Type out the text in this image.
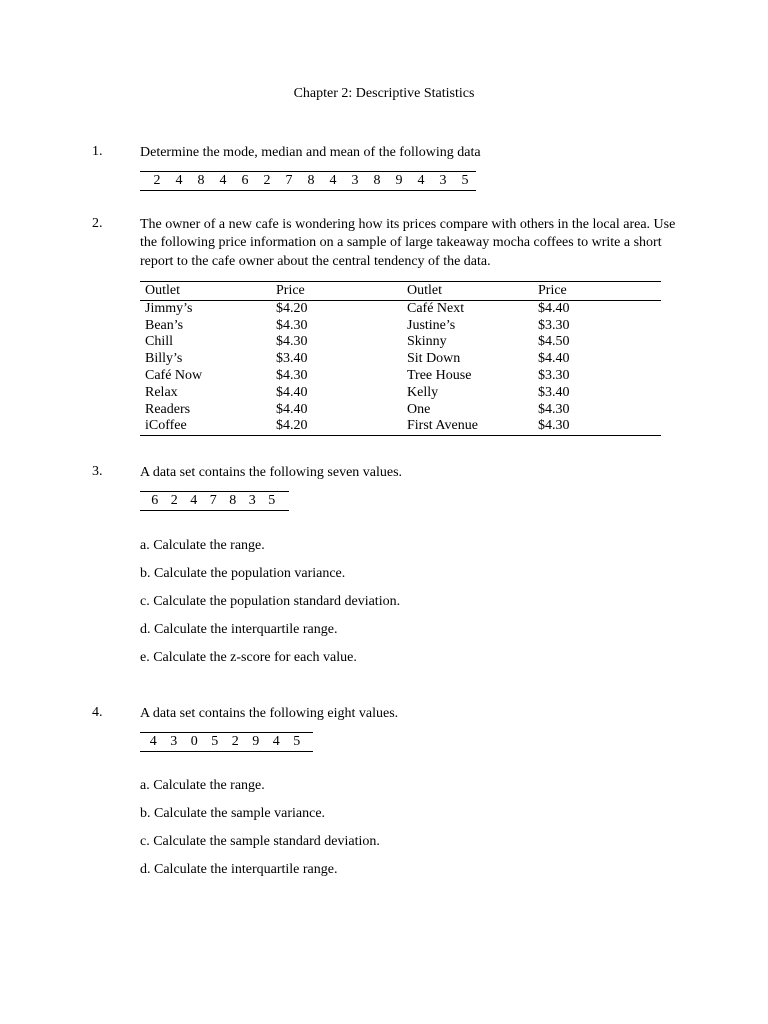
Chapter 2: Descriptive Statistics
1.	Determine the mode, median and mean of the following data
2	4	8	4	6	2	7	8	4	3	8	9	4	3	5
2.	The owner of a new cafe is wondering how its prices compare with others in the local area. Use the following price information on a sample of large takeaway mocha coffees to write a short report to the cafe owner about the central tendency of the data.
Outlet	Price	Outlet	Price
Jimmy’s	$4.20	Café Next	$4.40
Bean’s	$4.30	Justine’s	$3.30
Chill	$4.30	Skinny	$4.50
Billy’s	$3.40	Sit Down	$4.40
Café Now	$4.30	Tree House	$3.30
Relax	$4.40	Kelly	$3.40
Readers	$4.40	One	$4.30
iCoffee	$4.20	First Avenue	$4.30
3.	A data set contains the following seven values.
6 2 4 7 8 3 5
a. Calculate the range.
b. Calculate the population variance.
c. Calculate the population standard deviation.
d. Calculate the interquartile range.
e. Calculate the z-score for each value.
4.	A data set contains the following eight values.
4 3 0 5 2 9 4 5
a. Calculate the range.
b. Calculate the sample variance.
c. Calculate the sample standard deviation.
d. Calculate the interquartile range.
